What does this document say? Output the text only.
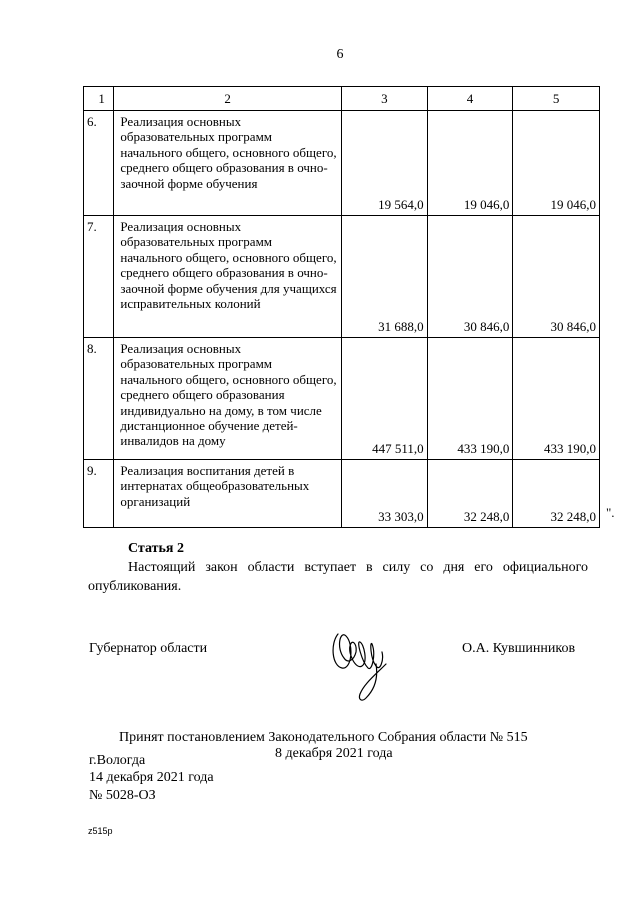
6
1	2	3	4	5
6.	Реализация основных образовательных программ начального общего, основного общего, среднего общего образования в очно-заочной форме обучения	19 564,0	19 046,0	19 046,0
7.	Реализация основных образовательных программ начального общего, основного общего, среднего общего образования в очно-заочной форме обучения для учащихся исправительных колоний	31 688,0	30 846,0	30 846,0
8.	Реализация основных образовательных программ начального общего, основного общего, среднего общего образования индивидуально на дому, в том числе дистанционное обучение детей-инвалидов на дому	447 511,0	433 190,0	433 190,0
9.	Реализация воспитания детей в интернатах общеобразовательных организаций	33 303,0	32 248,0	32 248,0 ".
Статья 2
Настоящий закон области вступает в силу со дня его официального опубликования.
Губернатор области	О.А. Кувшинников
Принят постановлением Законодательного Собрания области № 515
8 декабря 2021 года
г.Вологда
14 декабря 2021 года
№ 5028-ОЗ
z515р
